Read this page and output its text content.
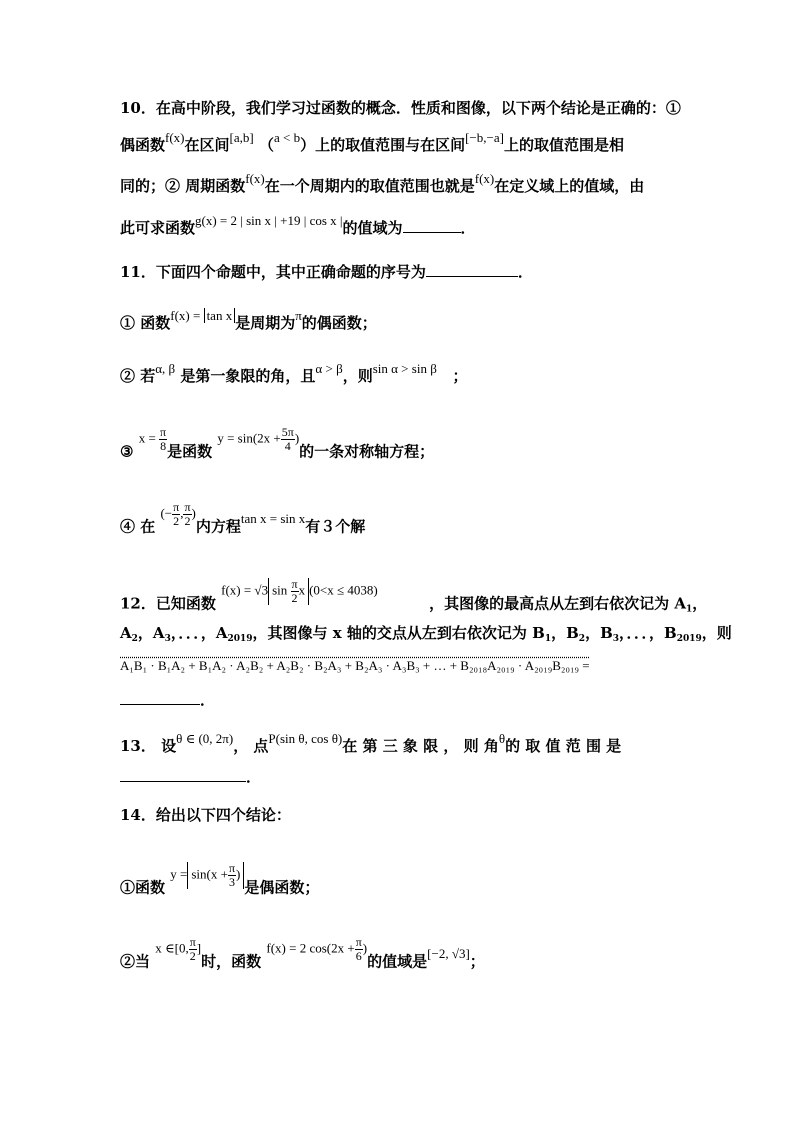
10．在高中阶段，我们学习过函数的概念．性质和图像，以下两个结论是正确的：①
偶函数f(x)在区间[a,b] （a < b）上的取值范围与在区间[−b,−a]上的取值范围是相
同的；② 周期函数f(x)在一个周期内的取值范围也就是f(x)在定义域上的值域，由
此可求函数g(x) = 2 | sin x | +19 | cos x |的值域为	．
11．下面四个命题中，其中正确命题的序号为	．
① 函数f(x) = tan x 是周期为π的偶函数；
② 若α, β 是第一象限的角，且α > β，则sin α > sin β ；
③ $x = \frac{\pi}{8}$ 是函数 $y = \sin(2x + \frac{5\pi}{4}$ )的一条对称轴方程；
④ 在 (− $\frac{\pi}{2}$ , $\frac{\pi}{2}$ )内方程tan x = sin x有３个解
12．已知函数 f(x) = √3 $\sin \frac{\pi}{2}$ x (0<x ≤ 4038)，其图像的最高点从左到右依次记为 $A_1$，
$A_2$，$A_3$，．．．，$A_{2019}$，其图像与 x 轴的交点从左到右依次记为 $B_1$，$B_2$，$B_3$，．．．，$B_{2019}$，则
A₁B₁ · B₁A₂ + B₁A₂ · A₂B₂ + A₂B₂ · B₂A₃ + B₂A₃ · A₃B₃ + … + B₂₀₁₈A₂₀₁₉ · A₂₀₁₉B₂₀₁₉ =
．
13． 设θ ∈ (0, 2π)， 点P(sin θ, cos θ)在 第 三 象 限 ， 则 角θ的 取 值 范 围 是
．
14．给出以下四个结论：
①函数 $y = \sin(x + \frac{\pi}{3}$ )是偶函数；
②当 x ∈[0, $\frac{\pi}{2}$ ]时，函数 f(x) = 2 $\cos(2x + \frac{\pi}{6}$ )的值域是[−2, √3]；
